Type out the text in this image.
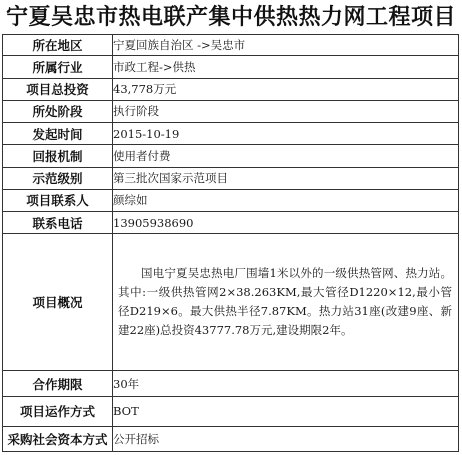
宁夏吴忠市热电联产集中供热热力网工程项目
所在地区	宁夏回族自治区 ->吴忠市
所属行业	市政工程->供热
项目总投资	43,778万元
所处阶段	执行阶段
发起时间	2015-10-19
回报机制	使用者付费
示范级别	第三批次国家示范项目
项目联系人	颜综如
联系电话	13905938690
项目概况	国电宁夏吴忠热电厂围墙1米以外的一级供热管网、热力站。其中:一级供热管网2×38.263KM,最大管径D1220×12,最小管径D219×6。最大供热半径7.87KM。热力站31座(改建9座、新建22座)总投资43777.78万元,建设期限2年。

合作期限	30年
项目运作方式	BOT
采购社会资本方式	公开招标
